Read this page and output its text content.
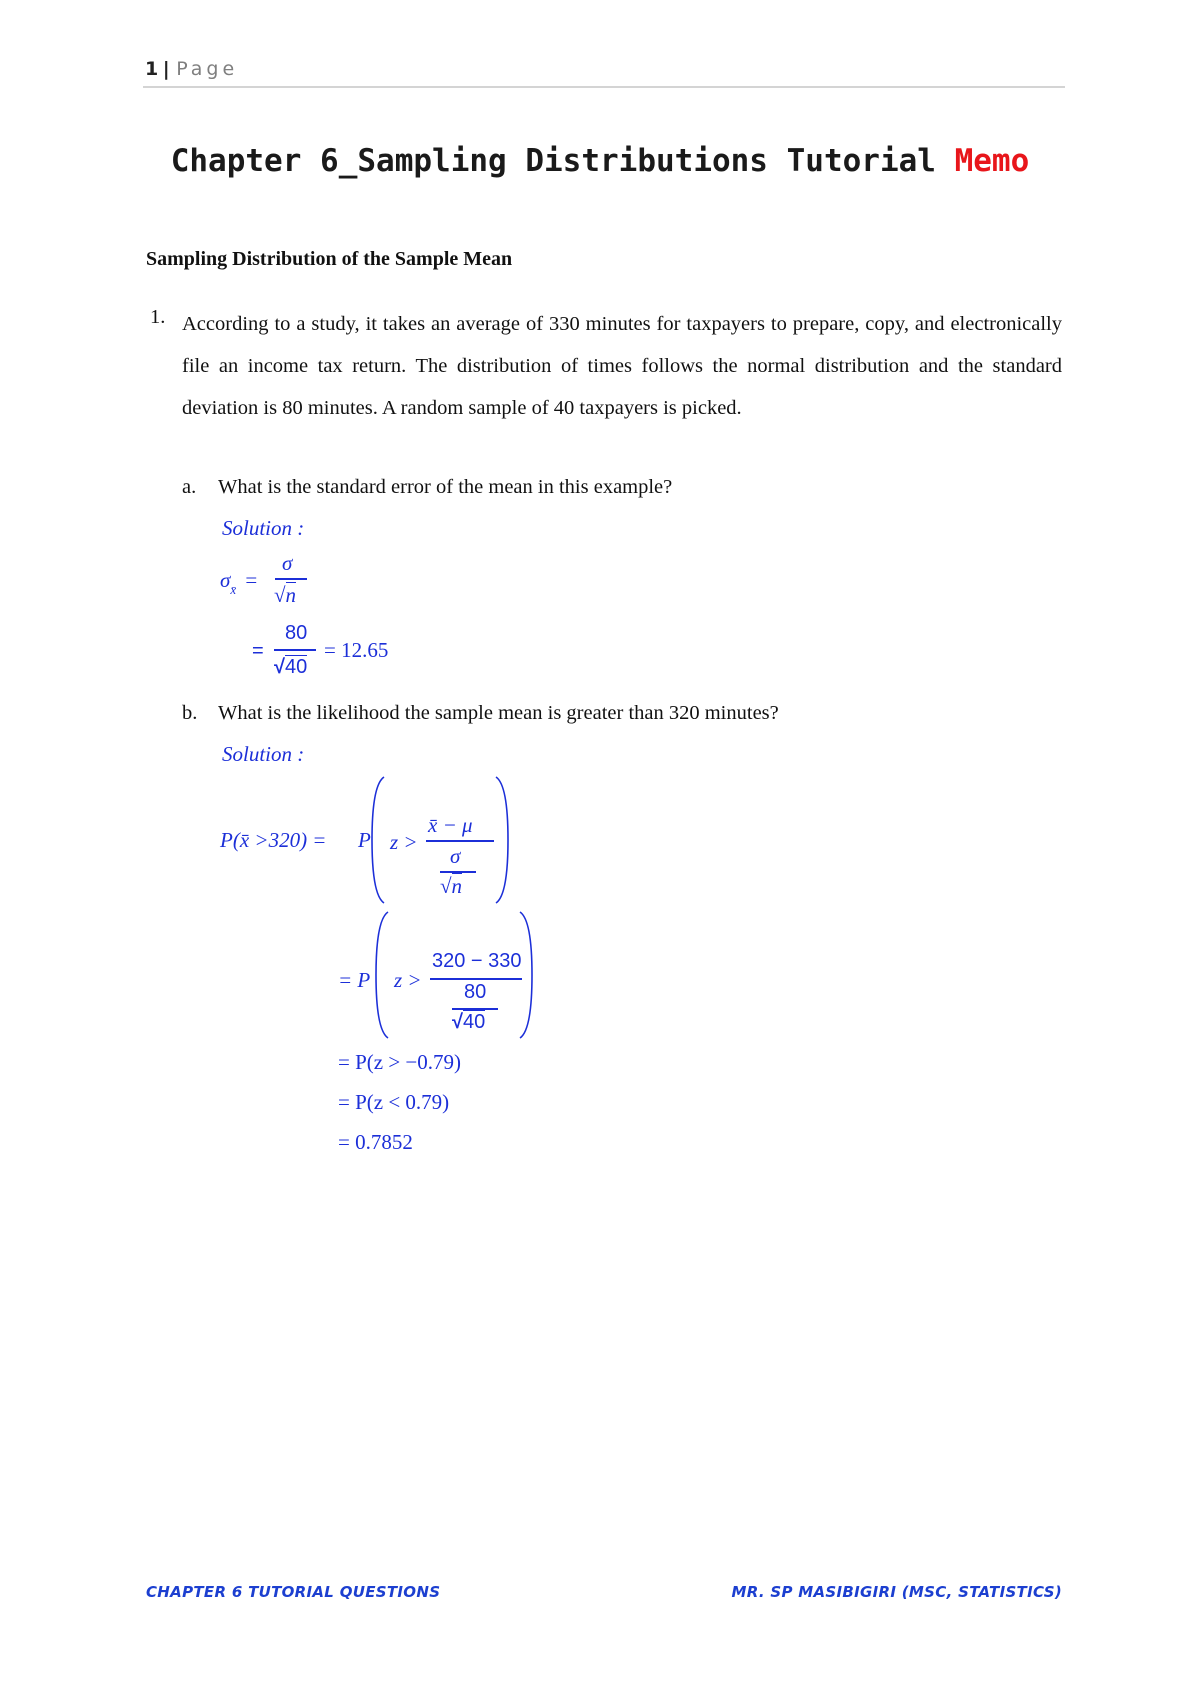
1 | Page
Chapter 6_Sampling Distributions Tutorial Memo
Sampling Distribution of the Sample Mean
1. According to a study, it takes an average of 330 minutes for taxpayers to prepare, copy, and electronically file an income tax return. The distribution of times follows the normal distribution and the standard deviation is 80 minutes. A random sample of 40 taxpayers is picked.
a. What is the standard error of the mean in this example?
Solution :
$\sigma_{x̄}$ =
σ
√n
=
80
√40
= 12.65
b. What is the likelihood the sample mean is greater than 320 minutes?
Solution :
P(x̄ >320) =	z >
x̄ − μ
σ
√n
P
= P z >
320 − 330
80
√40
= P(z > −0.79)
= P(z < 0.79)
= 0.7852
CHAPTER 6 TUTORIAL QUESTIONS	MR. SP MASIBIGIRI (MSC, STATISTICS)
